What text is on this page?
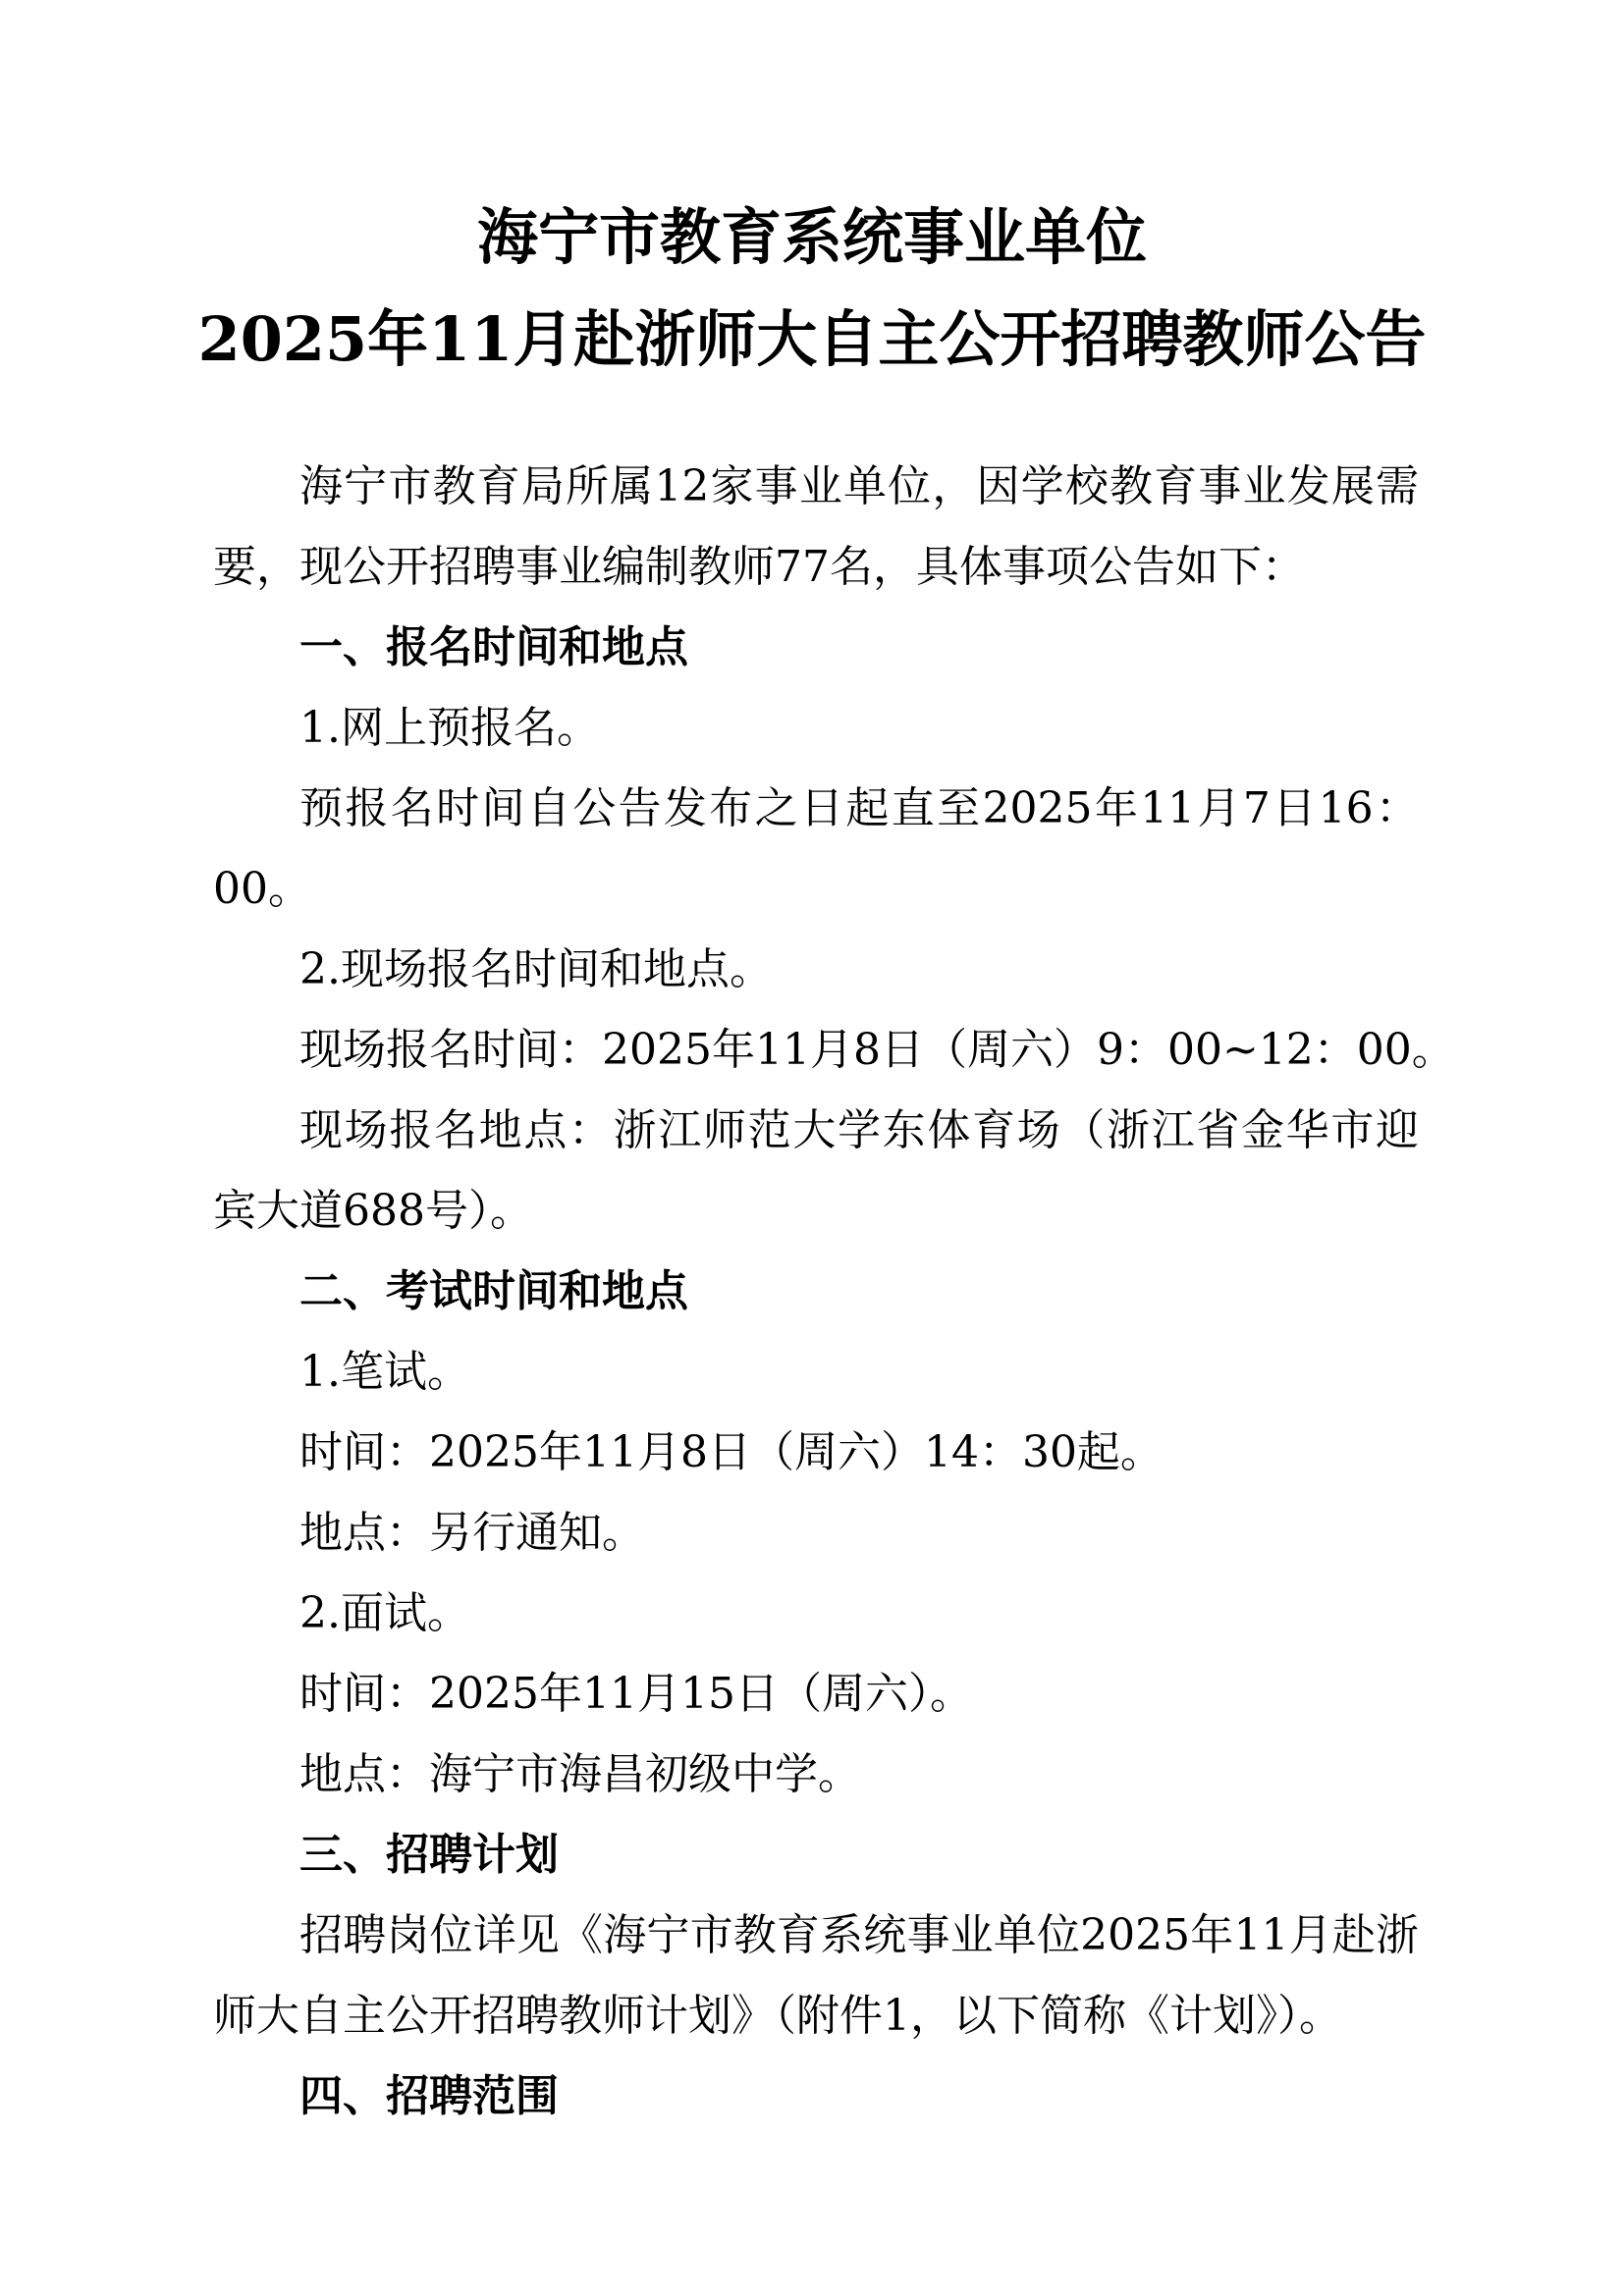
海宁市教育系统事业单位
2025年11月赴浙师大自主公开招聘教师公告

海宁市教育局所属12家事业单位，因学校教育事业发展需要，现公开招聘事业编制教师77名，具体事项公告如下：

一、报名时间和地点

1.网上预报名。

预报名时间自公告发布之日起直至2025年11月7日16：00。

2.现场报名时间和地点。

现场报名时间：2025年11月8日（周六）9：00~12：00。

现场报名地点：浙江师范大学东体育场（浙江省金华市迎宾大道688号）。

二、考试时间和地点

1.笔试。

时间：2025年11月8日（周六）14：30起。

地点：另行通知。

2.面试。

时间：2025年11月15日（周六）。

地点：海宁市海昌初级中学。

三、招聘计划

招聘岗位详见《海宁市教育系统事业单位2025年11月赴浙师大自主公开招聘教师计划》（附件1，以下简称《计划》）。

四、招聘范围
